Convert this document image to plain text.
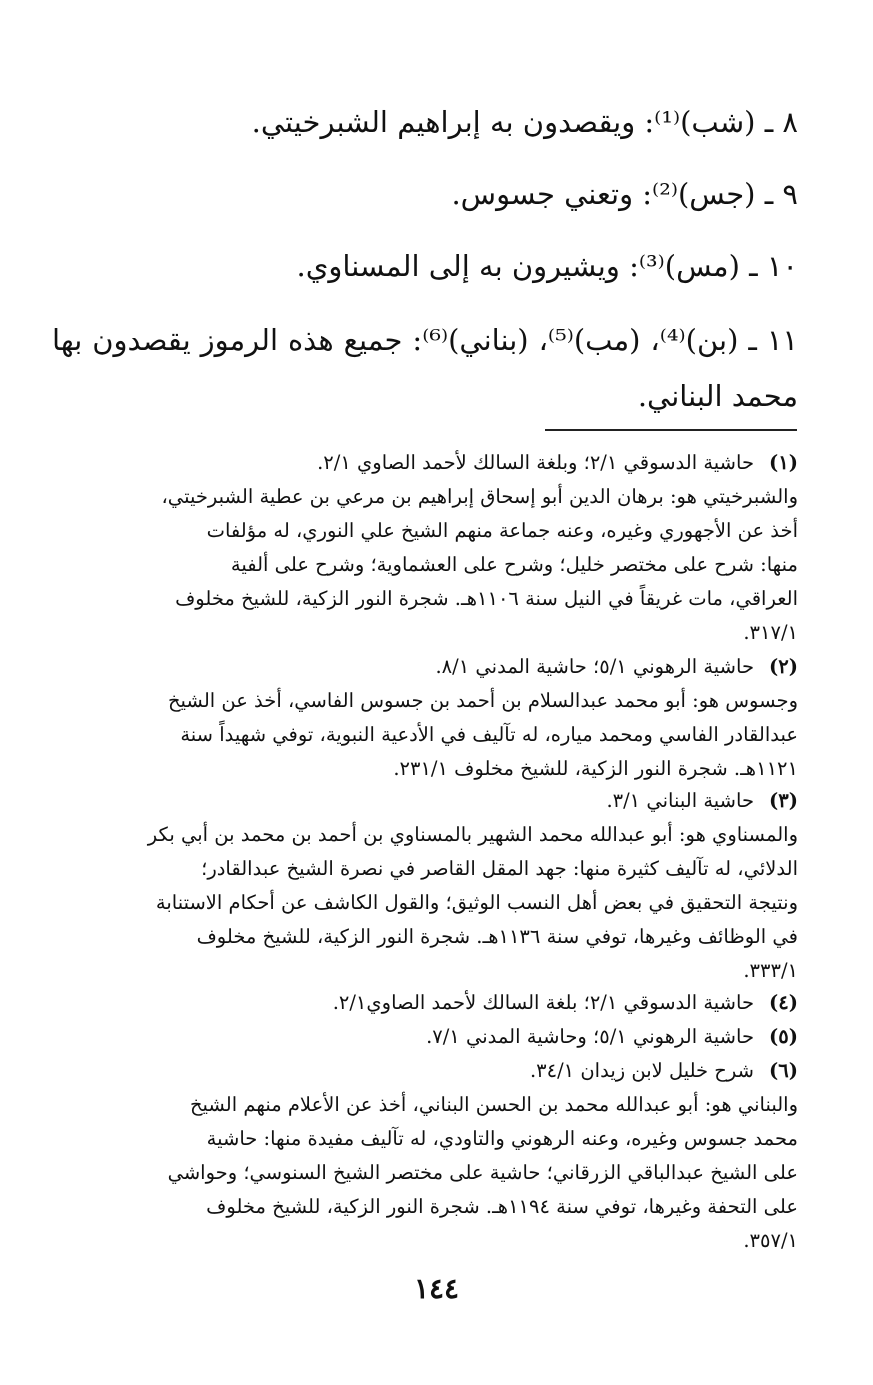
٨ ـ (شب)⁽¹⁾: ويقصدون به إبراهيم الشبرخيتي.
٩ ـ (جس)⁽²⁾: وتعني جسوس.
١٠ ـ (مس)⁽³⁾: ويشيرون به إلى المسناوي.
١١ ـ (بن)⁽⁴⁾، (مب)⁽⁵⁾، (بناني)⁽⁶⁾: جميع هذه الرموز يقصدون بها محمد البناني.
(١)حاشية الدسوقي ٢/١؛ وبلغة السالك لأحمد الصاوي ٢/١.
والشبرخيتي هو: برهان الدين أبو إسحاق إبراهيم بن مرعي بن عطية الشبرخيتي،
أخذ عن الأجهوري وغيره، وعنه جماعة منهم الشيخ علي النوري، له مؤلفات
منها: شرح على مختصر خليل؛ وشرح على العشماوية؛ وشرح على ألفية
العراقي، مات غريقاً في النيل سنة ١١٠٦هـ. شجرة النور الزكية، للشيخ مخلوف
٣١٧/١.
(٢)حاشية الرهوني ٥/١؛ حاشية المدني ٨/١.
وجسوس هو: أبو محمد عبدالسلام بن أحمد بن جسوس الفاسي، أخذ عن الشيخ
عبدالقادر الفاسي ومحمد مياره، له تآليف في الأدعية النبوية، توفي شهيداً سنة
١١٢١هـ. شجرة النور الزكية، للشيخ مخلوف ٢٣١/١.
(٣)حاشية البناني ٣/١.
والمسناوي هو: أبو عبدالله محمد الشهير بالمسناوي بن أحمد بن محمد بن أبي بكر
الدلائي، له تآليف كثيرة منها: جهد المقل القاصر في نصرة الشيخ عبدالقادر؛
ونتيجة التحقيق في بعض أهل النسب الوثيق؛ والقول الكاشف عن أحكام الاستنابة
في الوظائف وغيرها، توفي سنة ١١٣٦هـ. شجرة النور الزكية، للشيخ مخلوف
٣٣٣/١.
(٤)حاشية الدسوقي ٢/١؛ بلغة السالك لأحمد الصاوي٢/١.
(٥)حاشية الرهوني ٥/١؛ وحاشية المدني ٧/١.
(٦)شرح خليل لابن زيدان ٣٤/١.
والبناني هو: أبو عبدالله محمد بن الحسن البناني، أخذ عن الأعلام منهم الشيخ
محمد جسوس وغيره، وعنه الرهوني والتاودي، له تآليف مفيدة منها: حاشية
على الشيخ عبدالباقي الزرقاني؛ حاشية على مختصر الشيخ السنوسي؛ وحواشي
على التحفة وغيرها، توفي سنة ١١٩٤هـ. شجرة النور الزكية، للشيخ مخلوف
٣٥٧/١.
١٤٤
